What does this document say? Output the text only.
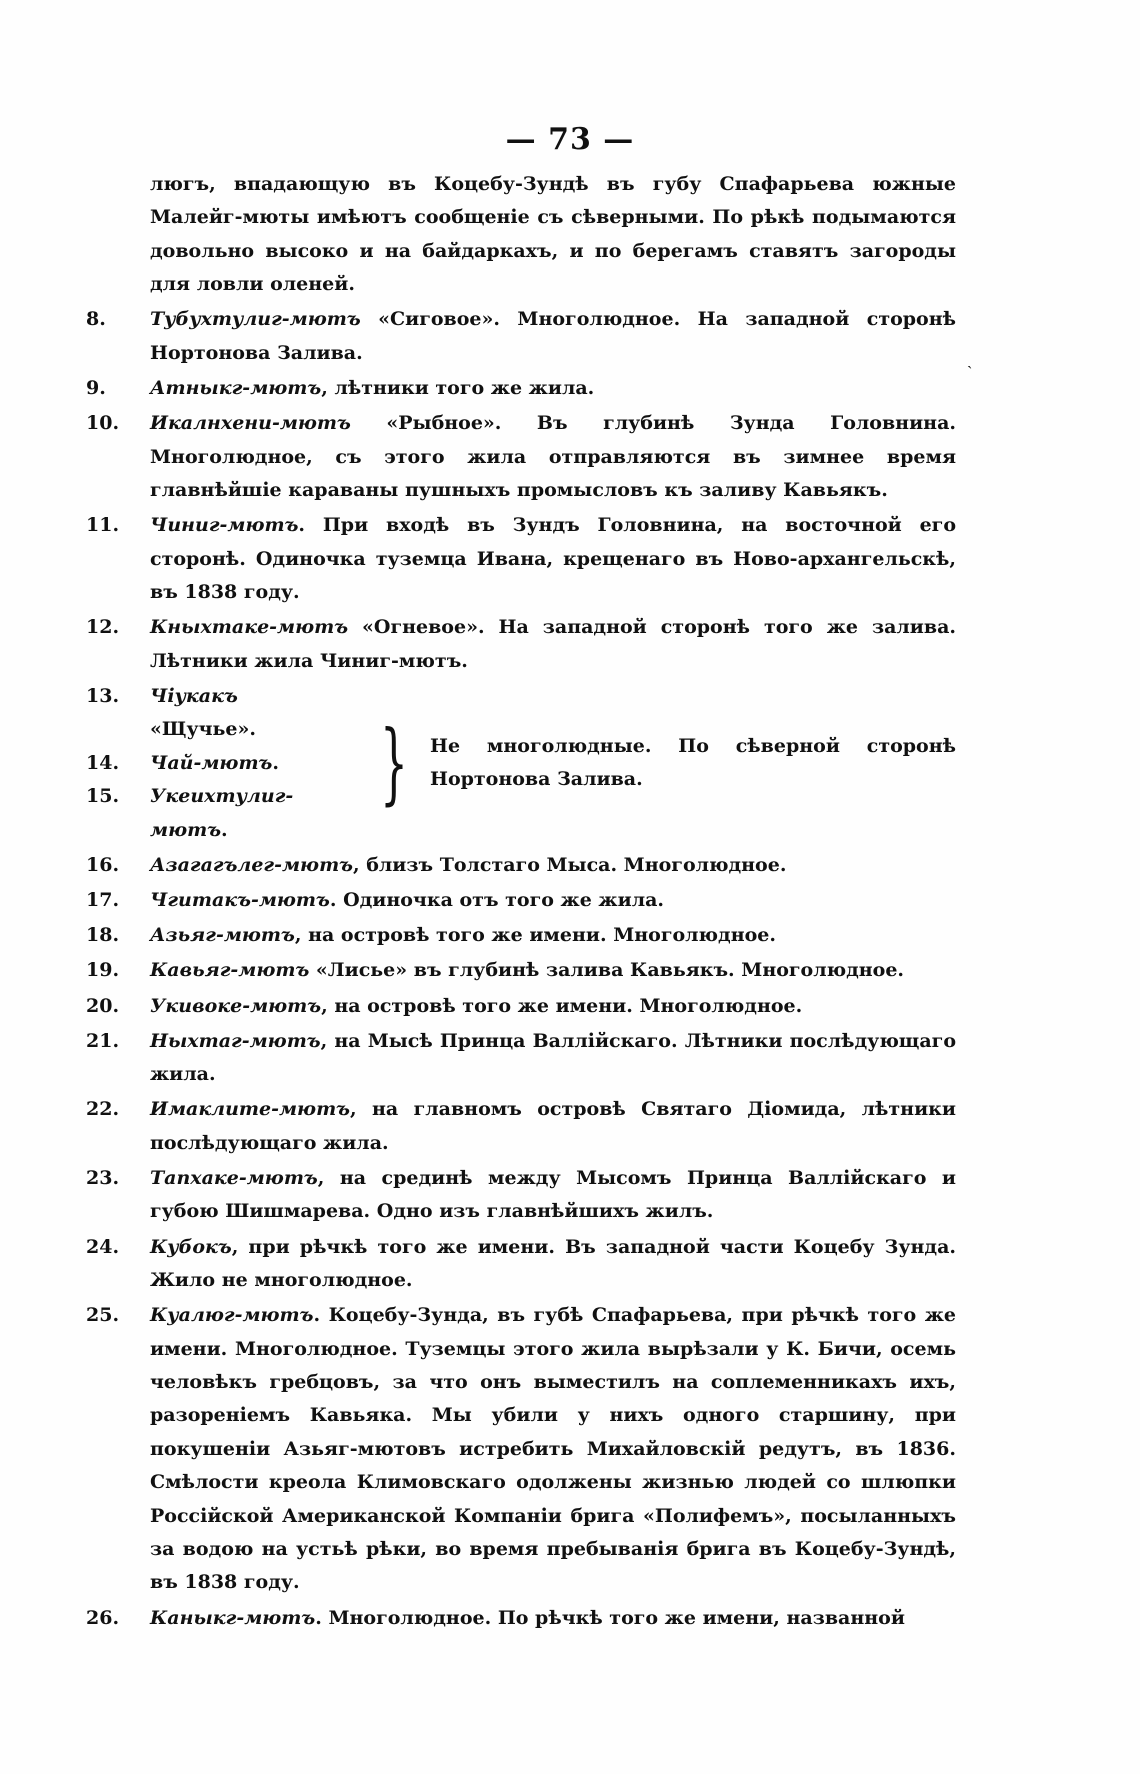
— 73 —
ˎ
люгъ, впадающую въ Коцебу-Зундѣ въ губу Спафарьева южные Малейг-мюты имѣютъ сообщеніе съ сѣверными. По рѣкѣ подымаются довольно высоко и на байдаркахъ, и по берегамъ ставятъ загороды для ловли оленей.
8.	Тубухтулиг-мютъ «Сиговое». Многолюдное. На западной сторонѣ Нортонова Залива.
9.	Атныкг-мютъ, лѣтники того же жила.
10.	Икалнхени-мютъ «Рыбное». Въ глубинѣ Зунда Головнина. Многолюдное, съ этого жила отправляются въ зимнее время главнѣйшіе караваны пушныхъ промысловъ къ заливу Кавьякъ.
11.	Чиниг-мютъ. При входѣ въ Зундъ Головнина, на восточной его сторонѣ. Одиночка туземца Ивана, крещенаго въ Ново-архангельскѣ, въ 1838 году.
12.	Кныхтаке-мютъ «Огневое». На западной сторонѣ того же залива. Лѣтники жила Чиниг-мютъ.
13.	Чіукакъ «Щучье».
14.	Чай-мютъ.
15.	Укеихтулиг-мютъ.
} Не многолюдные. По сѣверной сторонѣ Нортонова Залива.
16.	Азагагълег-мютъ, близъ Толстаго Мыса. Многолюдное.
17.	Чгитакъ-мютъ. Одиночка отъ того же жила.
18.	Азьяг-мютъ, на островѣ того же имени. Многолюдное.
19.	Кавьяг-мютъ «Лисье» въ глубинѣ залива Кавьякъ. Многолюдное.
20.	Укивоке-мютъ, на островѣ того же имени. Многолюдное.
21.	Ныхтаг-мютъ, на Мысѣ Принца Валлійскаго. Лѣтники послѣдующаго жила.
22.	Имаклите-мютъ, на главномъ островѣ Святаго Діомида, лѣтники послѣдующаго жила.
23.	Тапхаке-мютъ, на срединѣ между Мысомъ Принца Валлійскаго и губою Шишмарева. Одно изъ главнѣйшихъ жилъ.
24.	Кубокъ, при рѣчкѣ того же имени. Въ западной части Коцебу Зунда. Жило не многолюдное.
25.	Куалюг-мютъ. Коцебу-Зунда, въ губѣ Спафарьева, при рѣчкѣ того же имени. Многолюдное. Туземцы этого жила вырѣзали у К. Бичи, осемь человѣкъ гребцовъ, за что онъ выместилъ на соплеменникахъ ихъ, разореніемъ Кавьяка. Мы убили у нихъ одного старшину, при покушеніи Азьяг-мютовъ истребить Михайловскій редутъ, въ 1836. Смѣлости креола Климовскаго одолжены жизнью людей со шлюпки Россійской Американской Компаніи брига «Полифемъ», посыланныхъ за водою на устьѣ рѣки, во время пребыванія брига въ Коцебу-Зундѣ, въ 1838 году.
26.	Каныкг-мютъ. Многолюдное. По рѣчкѣ того же имени, названной
